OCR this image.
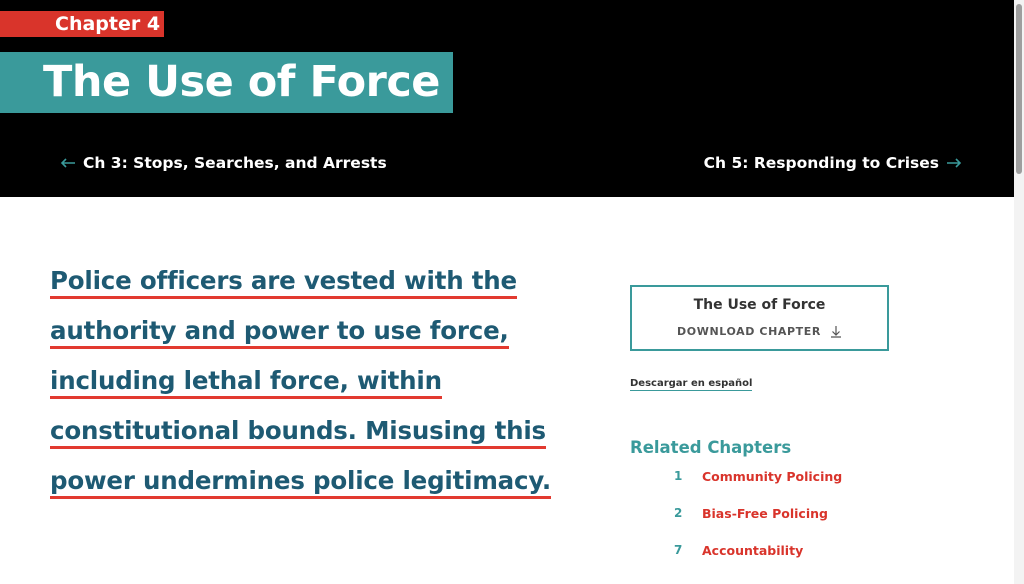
Chapter 4
The Use of Force
Ch 3: Stops, Searches, and Arrests	Ch 5: Responding to Crises
Police officers are vested with the
authority and power to use force,
including lethal force, within
constitutional bounds. Misusing this
power undermines police legitimacy.
The Use of Force
DOWNLOAD CHAPTER
Descargar en español
Related Chapters
1	Community Policing
2	Bias-Free Policing
7	Accountability
